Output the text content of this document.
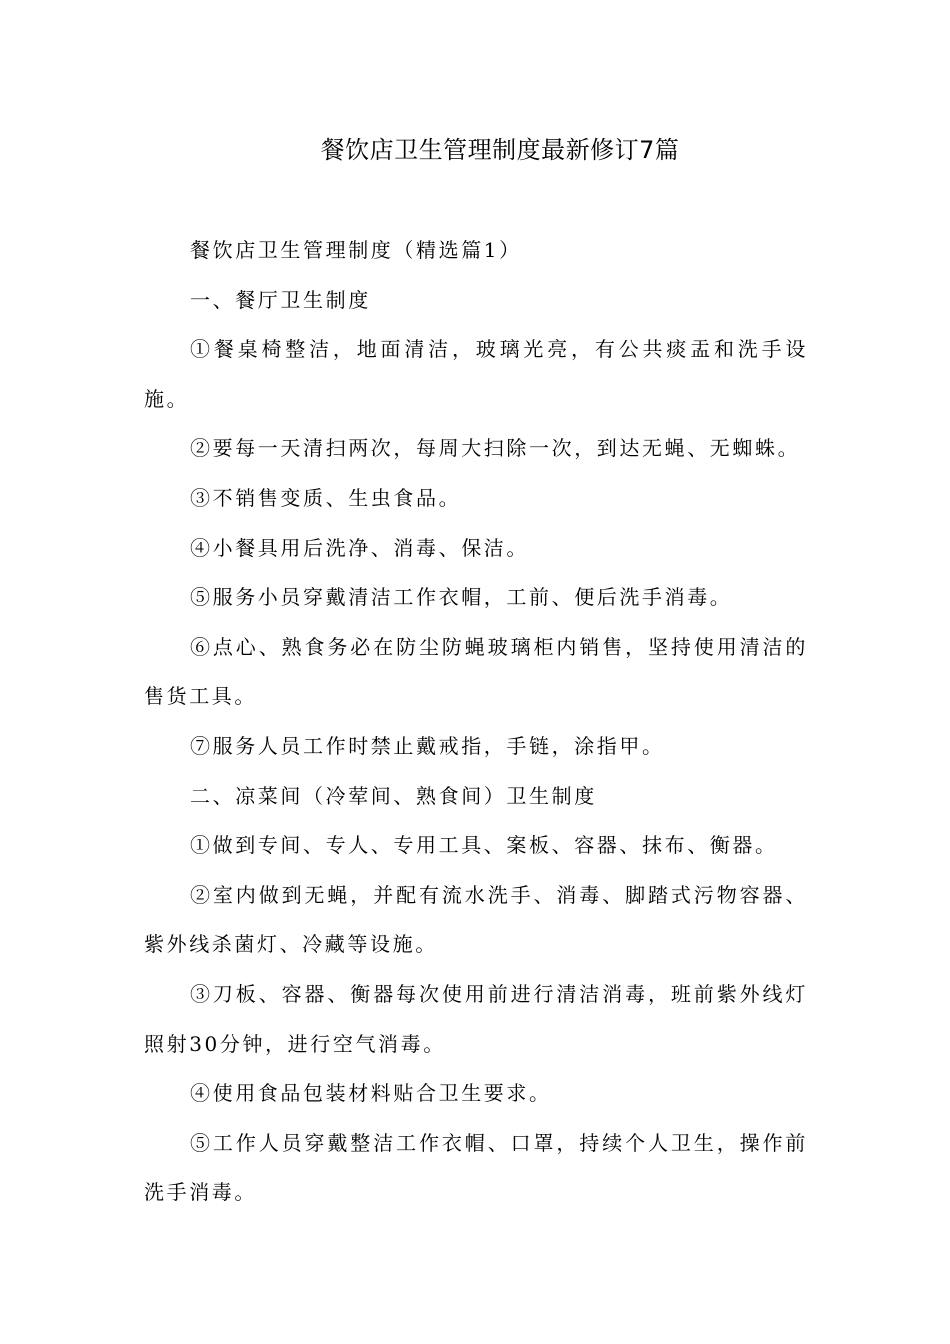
餐饮店卫生管理制度最新修订7篇

餐饮店卫生管理制度（精选篇1）

一、餐厅卫生制度

①餐桌椅整洁，地面清洁，玻璃光亮，有公共痰盂和洗手设施。

②要每一天清扫两次，每周大扫除一次，到达无蝇、无蜘蛛。

③不销售变质、生虫食品。

④小餐具用后洗净、消毒、保洁。

⑤服务小员穿戴清洁工作衣帽，工前、便后洗手消毒。

⑥点心、熟食务必在防尘防蝇玻璃柜内销售，坚持使用清洁的售货工具。

⑦服务人员工作时禁止戴戒指，手链，涂指甲。

二、凉菜间（冷荤间、熟食间）卫生制度

①做到专间、专人、专用工具、案板、容器、抹布、衡器。

②室内做到无蝇，并配有流水洗手、消毒、脚踏式污物容器、紫外线杀菌灯、冷藏等设施。

③刀板、容器、衡器每次使用前进行清洁消毒，班前紫外线灯照射30分钟，进行空气消毒。

④使用食品包装材料贴合卫生要求。

⑤工作人员穿戴整洁工作衣帽、口罩，持续个人卫生，操作前洗手消毒。
